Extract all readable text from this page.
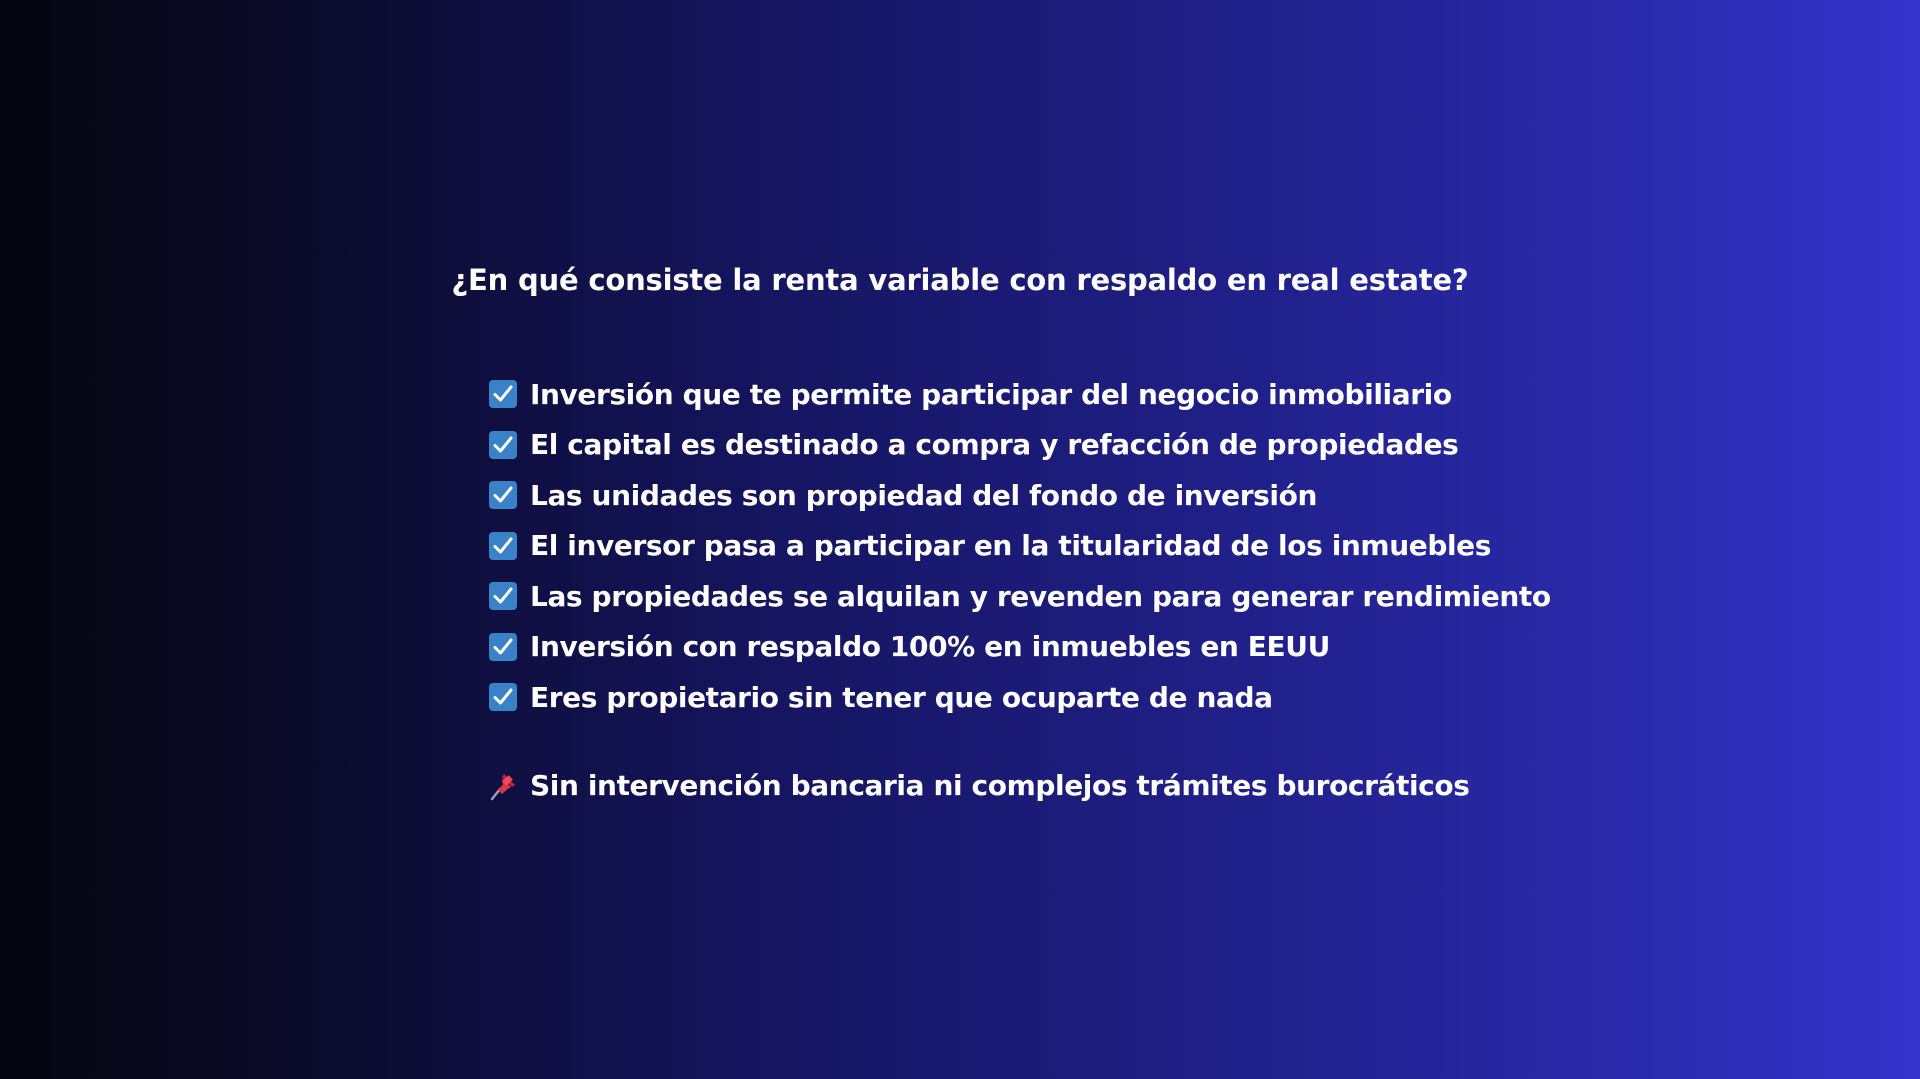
¿En qué consiste la renta variable con respaldo en real estate?
Inversión que te permite participar del negocio inmobiliario
El capital es destinado a compra y refacción de propiedades
Las unidades son propiedad del fondo de inversión
El inversor pasa a participar en la titularidad de los inmuebles
Las propiedades se alquilan y revenden para generar rendimiento
Inversión con respaldo 100% en inmuebles en EEUU
Eres propietario sin tener que ocuparte de nada
Sin intervención bancaria ni complejos trámites burocráticos
